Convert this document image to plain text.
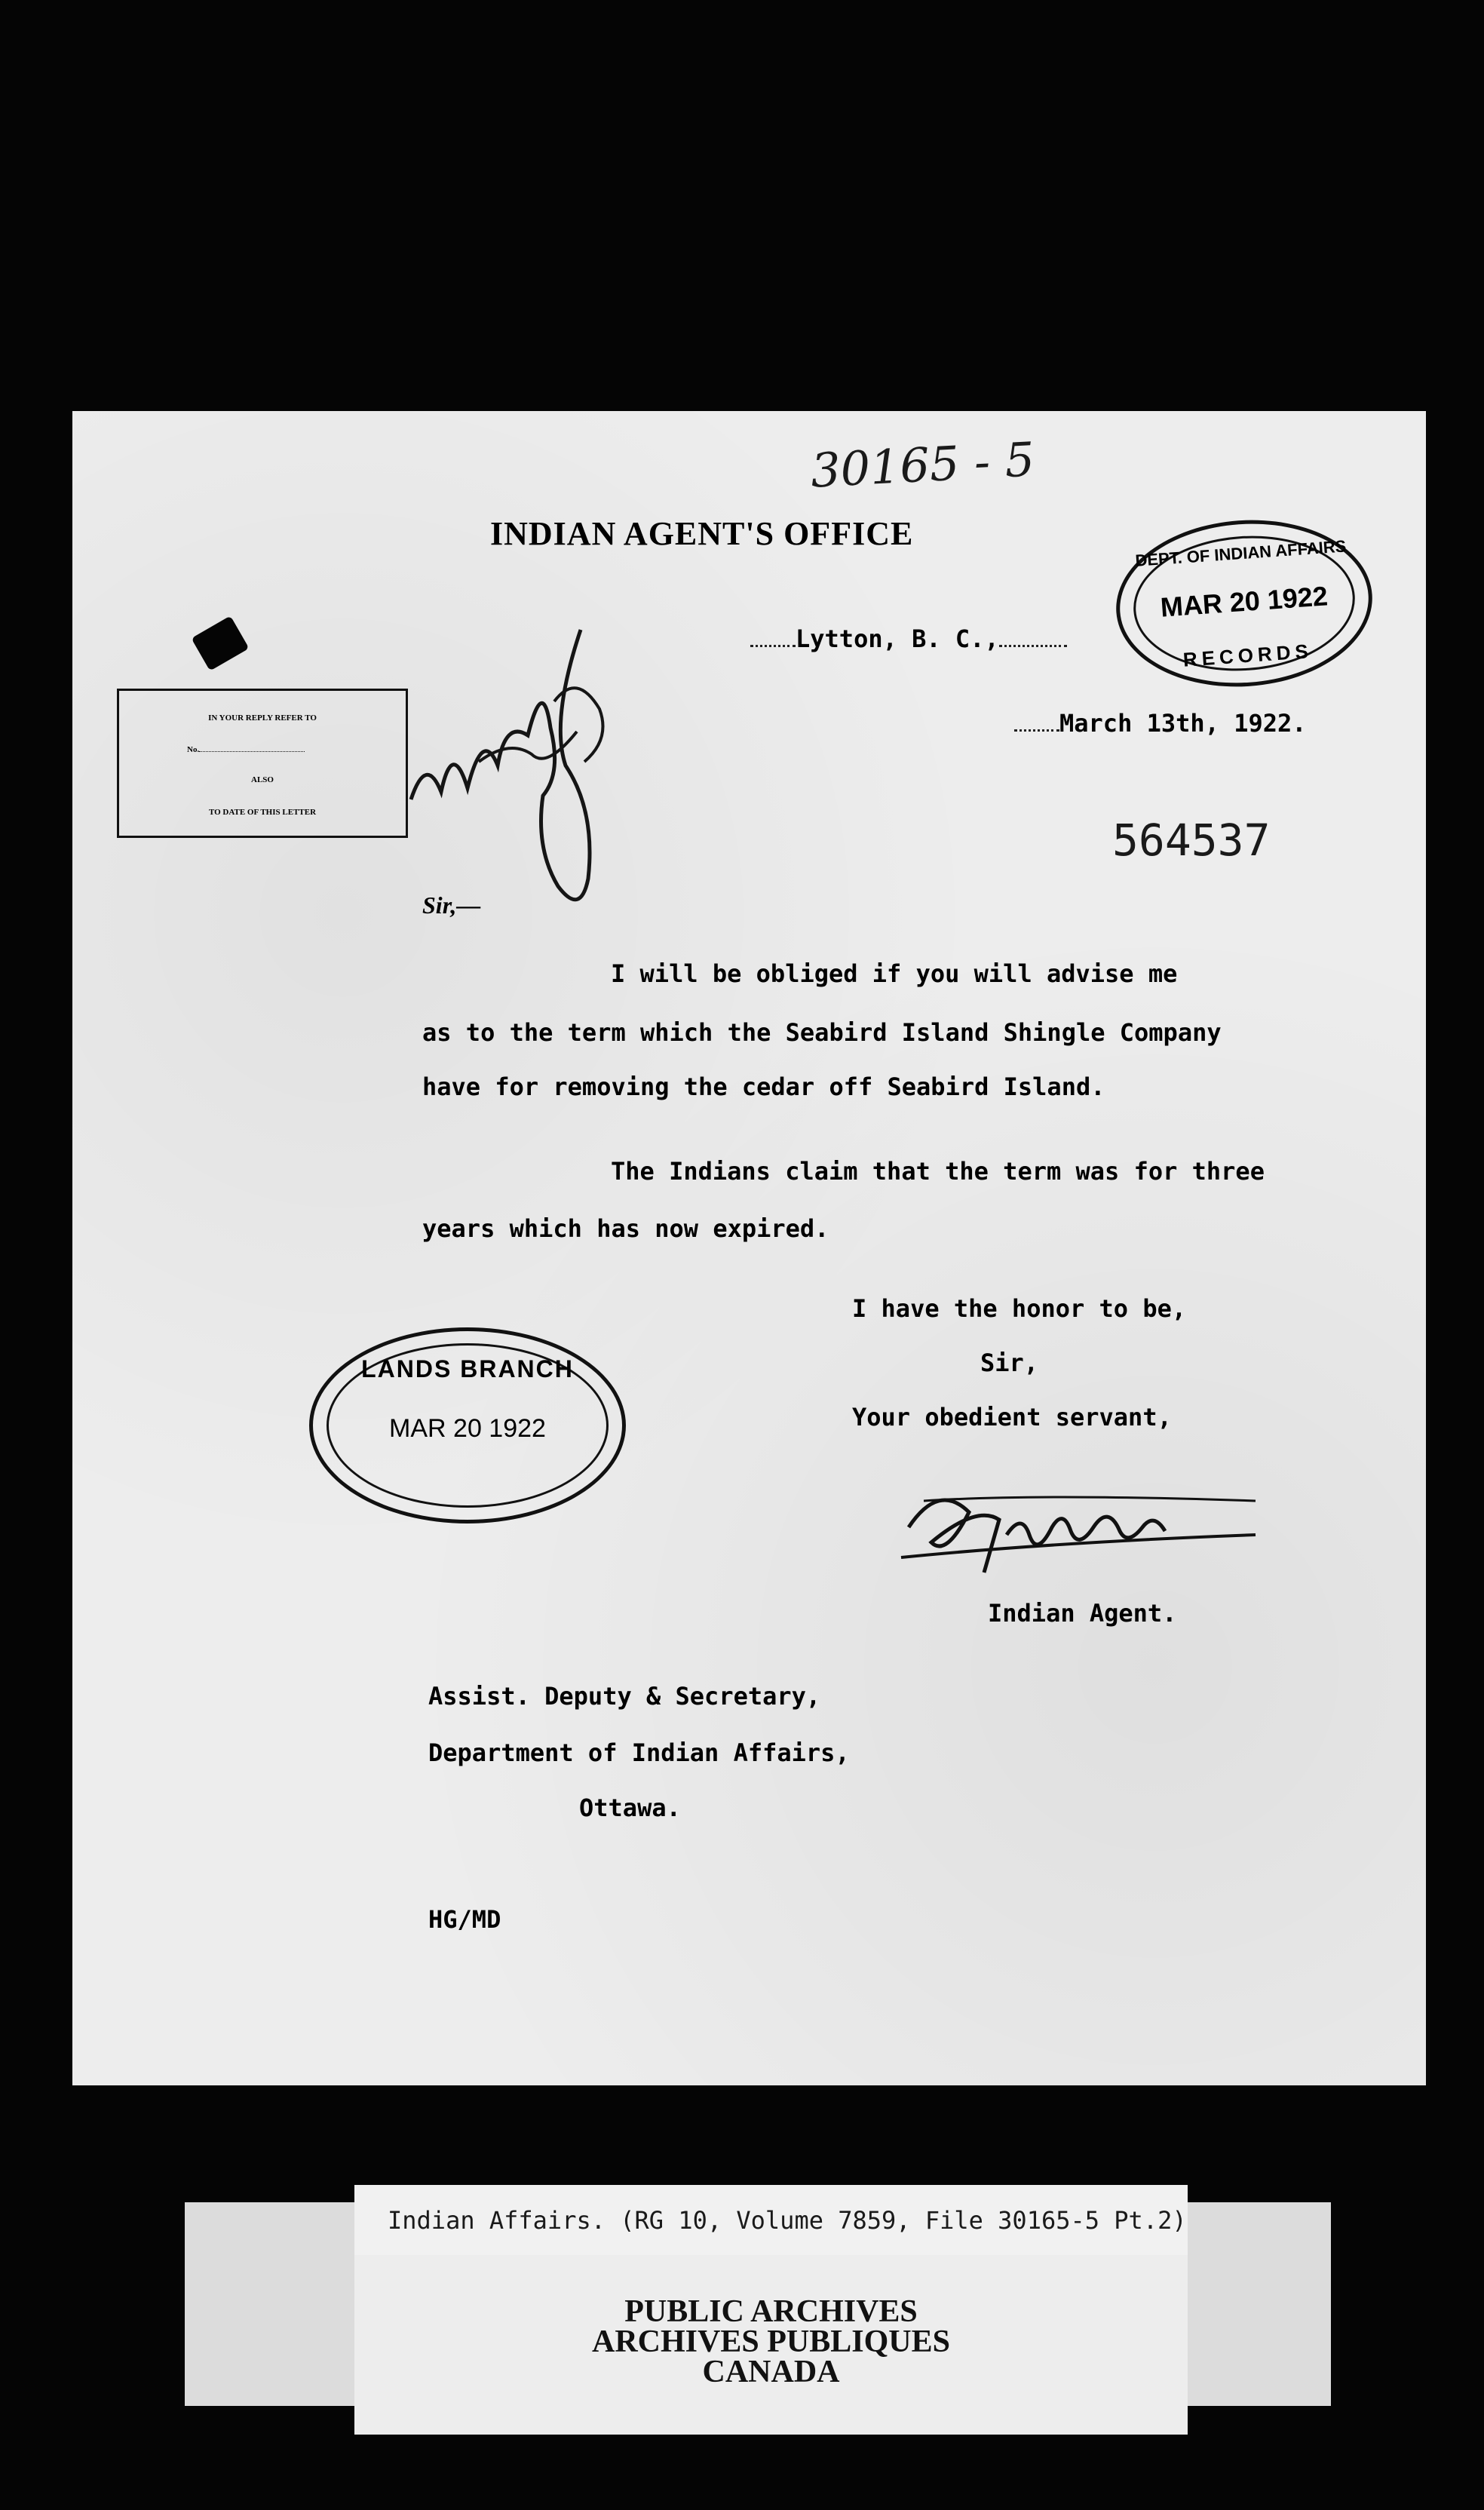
30165 - 5
INDIAN AGENT'S OFFICE
IN YOUR REPLY REFER TO
No.
ALSO
TO DATE OF THIS LETTER
Lytton, B. C.,
March 13th, 1922.
DEPT. OF INDIAN AFFAIRS
MAR 20 1922
RECORDS
564537
Sir,—
I will be obliged if you will advise me
as to the term which the Seabird Island Shingle Company
have for removing the cedar off Seabird Island.
The Indians claim that the term was for three
years which has now expired.
I have the honor to be,
Sir,
Your obedient servant,
LANDS BRANCH
MAR 20 1922
Indian Agent.
Assist. Deputy & Secretary,
Department of Indian Affairs,
Ottawa.
HG/MD
Indian Affairs. (RG 10, Volume 7859, File 30165-5 Pt.2)
PUBLIC ARCHIVES
ARCHIVES PUBLIQUES
CANADA
